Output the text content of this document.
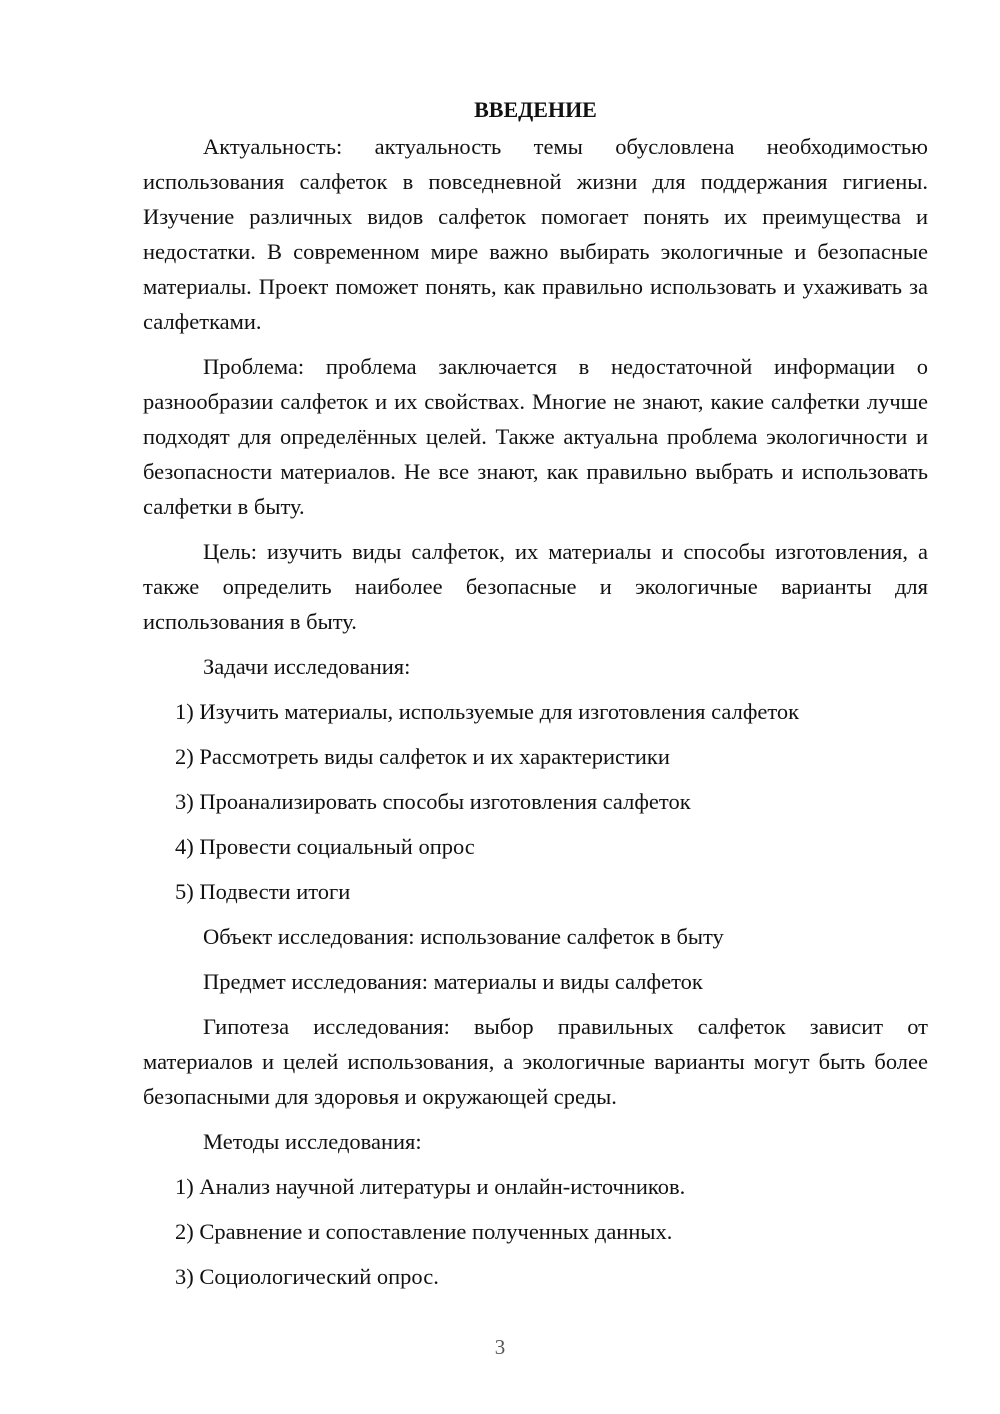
ВВЕДЕНИЕ

Актуальность: актуальность темы обусловлена необходимостью использования салфеток в повседневной жизни для поддержания гигиены. Изучение различных видов салфеток помогает понять их преимущества и недостатки. В современном мире важно выбирать экологичные и безопасные материалы. Проект поможет понять, как правильно использовать и ухаживать за салфетками.

Проблема: проблема заключается в недостаточной информации о разнообразии салфеток и их свойствах. Многие не знают, какие салфетки лучше подходят для определённых целей. Также актуальна проблема экологичности и безопасности материалов. Не все знают, как правильно выбрать и использовать салфетки в быту.

Цель: изучить виды салфеток, их материалы и способы изготовления, а также определить наиболее безопасные и экологичные варианты для использования в быту.

Задачи исследования:
1) Изучить материалы, используемые для изготовления салфеток
2) Рассмотреть виды салфеток и их характеристики
3) Проанализировать способы изготовления салфеток
4) Провести социальный опрос
5) Подвести итоги
Объект исследования: использование салфеток в быту
Предмет исследования: материалы и виды салфеток

Гипотеза исследования: выбор правильных салфеток зависит от материалов и целей использования, а экологичные варианты могут быть более безопасными для здоровья и окружающей среды.

Методы исследования:
1) Анализ научной литературы и онлайн-источников.
2) Сравнение и сопоставление полученных данных.
3) Социологический опрос.
3
